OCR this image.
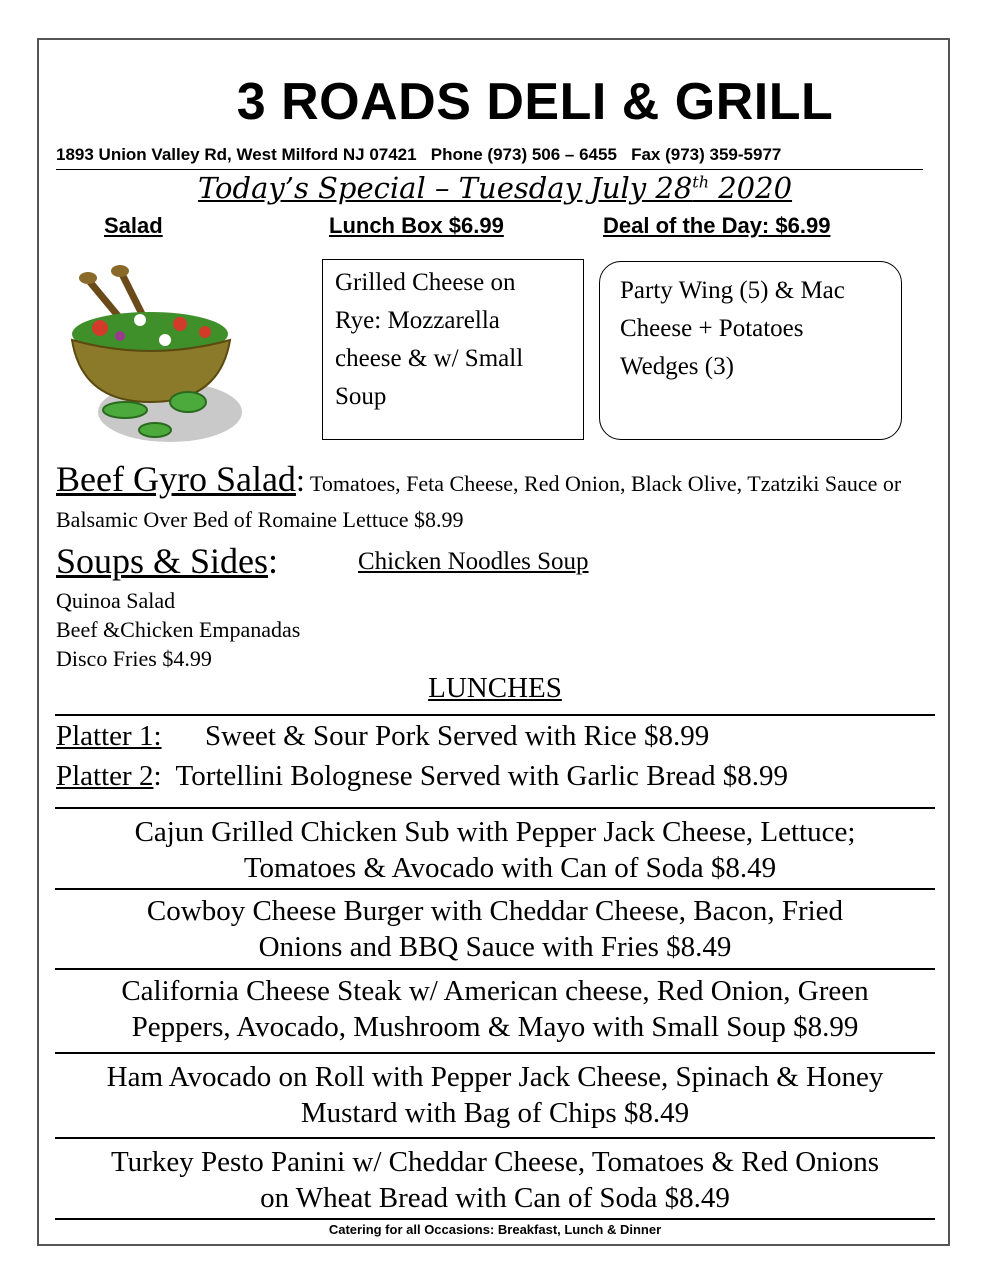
3 ROADS DELI & GRILL
1893 Union Valley Rd, West Milford NJ 07421   Phone (973) 506 – 6455   Fax (973) 359-5977
Today’s Special – Tuesday July 28th 2020
Salad	Lunch Box $6.99	Deal of the Day: $6.99
Grilled Cheese on
Rye: Mozzarella
cheese & w/ Small
Soup
Party Wing (5) & Mac
Cheese + Potatoes
Wedges (3)
Beef Gyro Salad: Tomatoes, Feta Cheese, Red Onion, Black Olive, Tzatziki Sauce or Balsamic Over Bed of Romaine Lettuce $8.99
Soups & Sides:	Chicken Noodles Soup
Quinoa Salad
Beef &Chicken Empanadas
Disco Fries $4.99
LUNCHES
Platter 1: Sweet & Sour Pork Served with Rice $8.99
Platter 2:  Tortellini Bolognese Served with Garlic Bread $8.99
Cajun Grilled Chicken Sub with Pepper Jack Cheese, Lettuce;
Tomatoes & Avocado with Can of Soda $8.49
Cowboy Cheese Burger with Cheddar Cheese, Bacon, Fried
Onions and BBQ Sauce with Fries $8.49
California Cheese Steak w/ American cheese, Red Onion, Green
Peppers, Avocado, Mushroom & Mayo with Small Soup $8.99
Ham Avocado on Roll with Pepper Jack Cheese, Spinach & Honey
Mustard with Bag of Chips $8.49
Turkey Pesto Panini w/ Cheddar Cheese, Tomatoes & Red Onions
on Wheat Bread with Can of Soda $8.49
Catering for all Occasions: Breakfast, Lunch & Dinner
